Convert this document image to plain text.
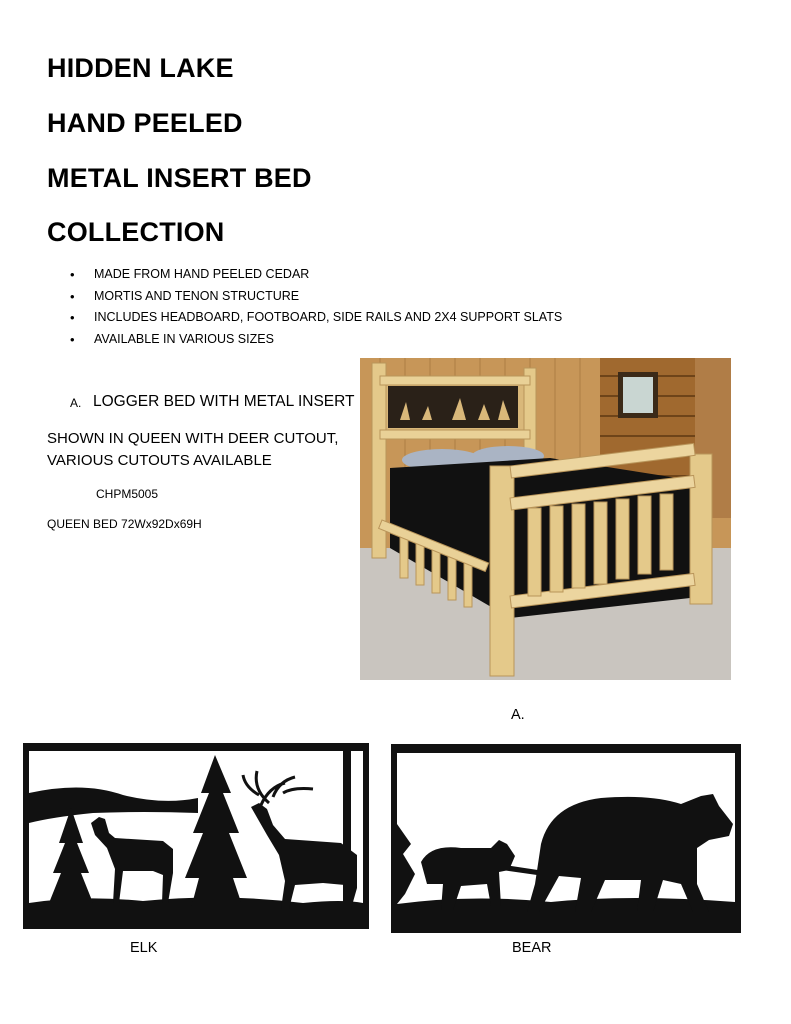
HIDDEN LAKE
HAND PEELED
METAL INSERT BED
COLLECTION
• MADE FROM HAND PEELED CEDAR
• MORTIS AND TENON STRUCTURE
• INCLUDES HEADBOARD, FOOTBOARD, SIDE RAILS AND 2X4 SUPPORT SLATS
• AVAILABLE IN VARIOUS SIZES
A. LOGGER BED WITH METAL INSERT
SHOWN IN QUEEN WITH DEER CUTOUT,
VARIOUS CUTOUTS AVAILABLE
CHPM5005
QUEEN BED 72Wx92Dx69H
A.
ELK	BEAR
